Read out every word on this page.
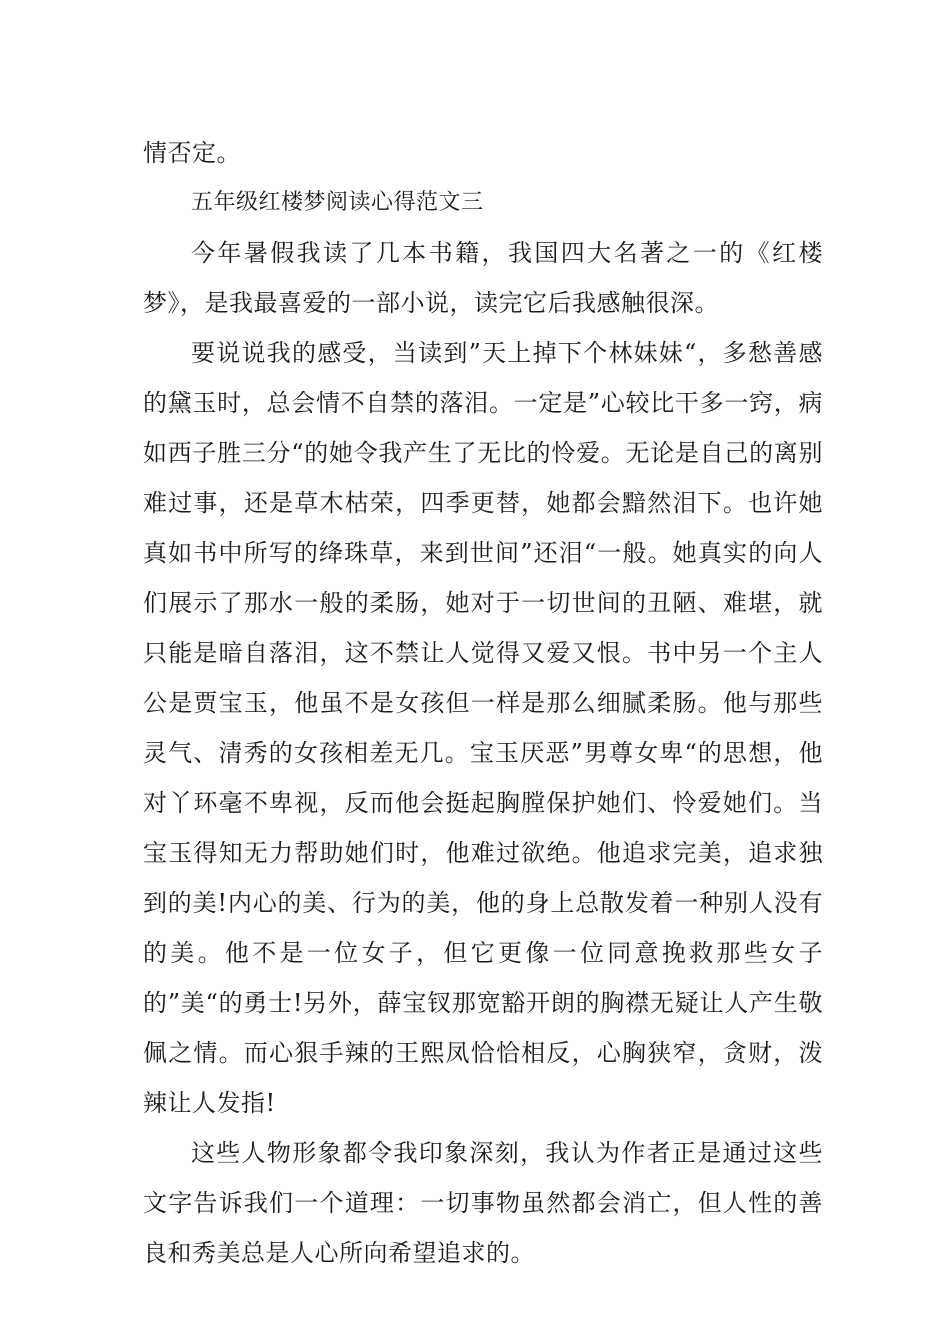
情否定。

五年级红楼梦阅读心得范文三

今年暑假我读了几本书籍，我国四大名著之一的《红楼梦》，是我最喜爱的一部小说，读完它后我感触很深。

要说说我的感受，当读到”天上掉下个林妹妹“，多愁善感的黛玉时，总会情不自禁的落泪。一定是”心较比干多一窍，病如西子胜三分“的她令我产生了无比的怜爱。无论是自己的离别难过事，还是草木枯荣，四季更替，她都会黯然泪下。也许她真如书中所写的绛珠草，来到世间”还泪“一般。她真实的向人们展示了那水一般的柔肠，她对于一切世间的丑陋、难堪，就只能是暗自落泪，这不禁让人觉得又爱又恨。书中另一个主人公是贾宝玉，他虽不是女孩但一样是那么细腻柔肠。他与那些灵气、清秀的女孩相差无几。宝玉厌恶”男尊女卑“的思想，他对丫环毫不卑视，反而他会挺起胸膛保护她们、怜爱她们。当宝玉得知无力帮助她们时，他难过欲绝。他追求完美，追求独到的美!内心的美、行为的美，他的身上总散发着一种别人没有的美。他不是一位女子，但它更像一位同意挽救那些女子的”美“的勇士!另外，薛宝钗那宽豁开朗的胸襟无疑让人产生敬佩之情。而心狠手辣的王熙凤恰恰相反，心胸狭窄，贪财，泼辣让人发指!

这些人物形象都令我印象深刻，我认为作者正是通过这些文字告诉我们一个道理：一切事物虽然都会消亡，但人性的善良和秀美总是人心所向希望追求的。
